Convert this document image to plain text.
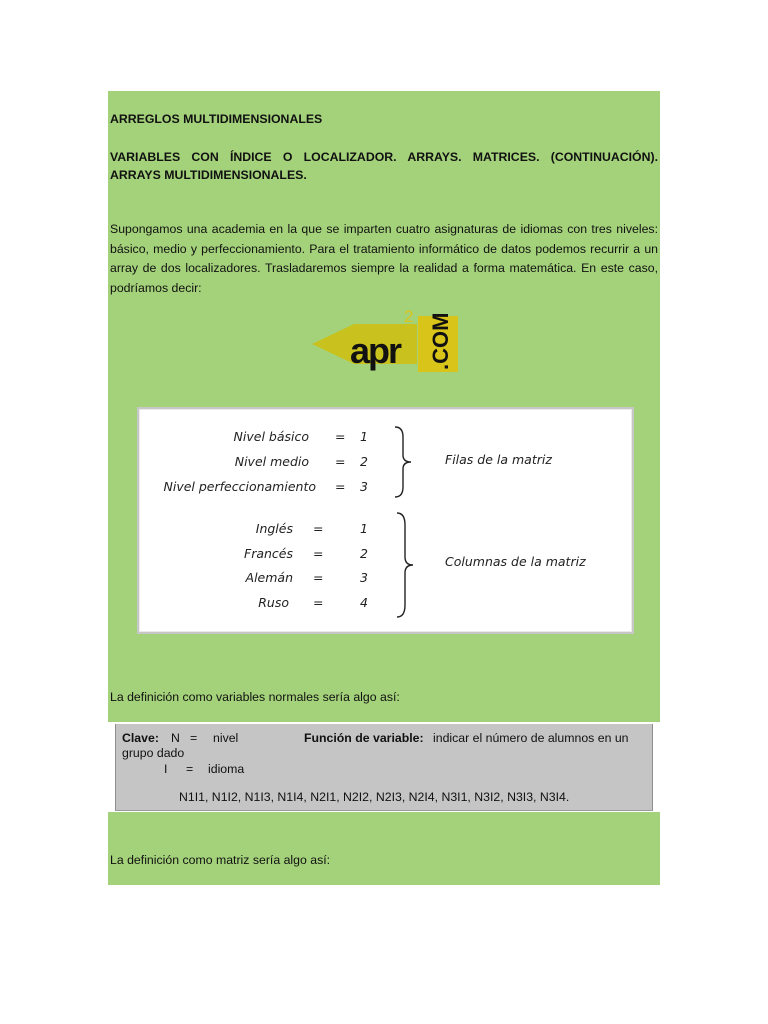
ARREGLOS MULTIDIMENSIONALES
VARIABLES CON ÍNDICE O LOCALIZADOR. ARRAYS. MATRICES. (CONTINUACIÓN).
ARRAYS MULTIDIMENSIONALES.
Supongamos una academia en la que se imparten cuatro asignaturas de idiomas con tres niveles: básico, medio y perfeccionamiento. Para el tratamiento informático de datos podemos recurrir a un array de dos localizadores. Trasladaremos siempre la realidad a forma matemática. En este caso, podríamos decir:
apr
2 .COM
Nivel básico = 1
Nivel medio = 2
Nivel perfeccionamiento = 3
Filas de la matriz
Inglés =	1
Francés =	2
Alemán =	3
Ruso =	4
Columnas de la matriz
La definición como variables normales sería algo así:
Clave: N = nivel	Función de variable: indicar el número de alumnos en un
grupo dado
I = idioma
N1I1, N1I2, N1I3, N1I4, N2I1, N2I2, N2I3, N2I4, N3I1, N3I2, N3I3, N3I4.
La definición como matriz sería algo así:
